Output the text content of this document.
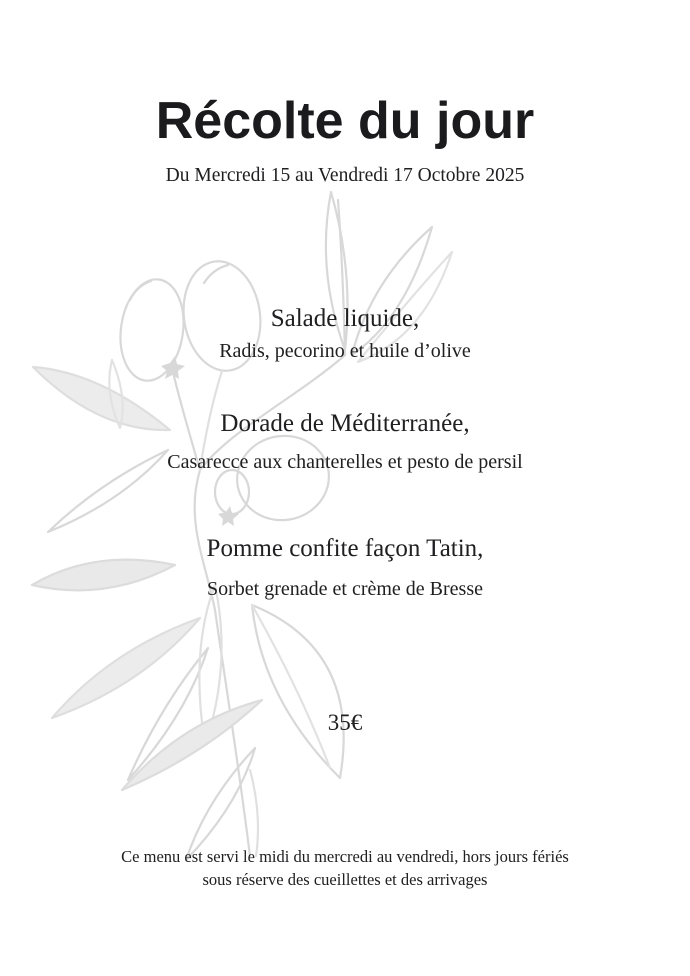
Récolte du jour
Du Mercredi 15 au Vendredi 17 Octobre 2025
Salade liquide,
Radis, pecorino et huile d’olive
Dorade de Méditerranée,
Casarecce aux chanterelles et pesto de persil
Pomme confite façon Tatin,
Sorbet grenade et crème de Bresse
35€
Ce menu est servi le midi du mercredi au vendredi, hors jours fériés
sous réserve des cueillettes et des arrivages
